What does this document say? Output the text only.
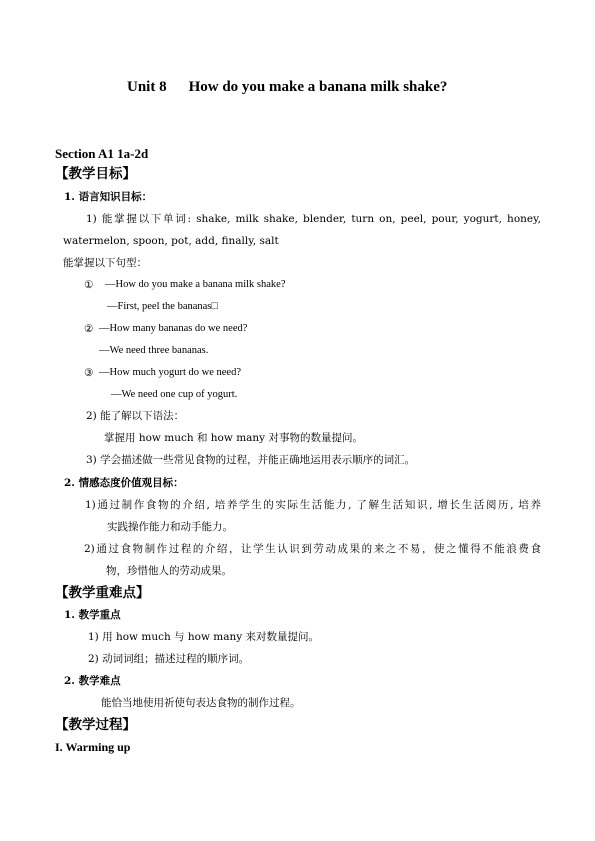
Unit 8 How do you make a banana milk shake?
Section A1 1a-2d
【教学目标】
1. 语言知识目标：
1) 能掌握以下单词: shake, milk shake, blender, turn on, peel, pour, yogurt, honey,
watermelon, spoon, pot, add, finally, salt
能掌握以下句型：
① —How do you make a banana milk shake?
—First, peel the bananas□
② —How many bananas do we need?
—We need three bananas.
③ —How much yogurt do we need?
—We need one cup of yogurt.
2) 能了解以下语法：
掌握用 how much 和 how many 对事物的数量提问。
3) 学会描述做一些常见食物的过程，并能正确地运用表示顺序的词汇。
2. 情感态度价值观目标：
1)通过制作食物的介绍, 培养学生的实际生活能力, 了解生活知识, 增长生活阅历, 培养
实践操作能力和动手能力。
2)通过食物制作过程的介绍，让学生认识到劳动成果的来之不易，使之懂得不能浪费食
物，珍惜他人的劳动成果。
【教学重难点】
1. 教学重点
1) 用 how much 与 how many 来对数量提问。
2) 动词词组；描述过程的顺序词。
2. 教学难点
能恰当地使用祈使句表达食物的制作过程。
【教学过程】
I. Warming up
